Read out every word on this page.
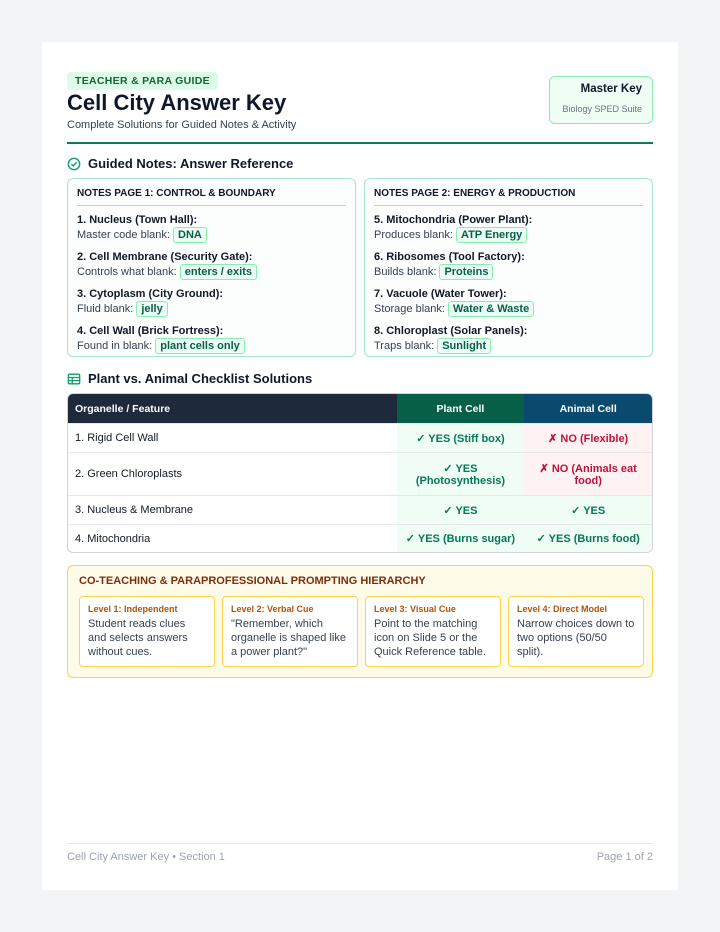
TEACHER & PARA GUIDE
Cell City Answer Key
Complete Solutions for Guided Notes & Activity
Master Key
Biology SPED Suite
Guided Notes: Answer Reference
NOTES PAGE 1: CONTROL & BOUNDARY
1. Nucleus (Town Hall):
Master code blank: DNA
2. Cell Membrane (Security Gate):
Controls what blank: enters / exits
3. Cytoplasm (City Ground):
Fluid blank: jelly
4. Cell Wall (Brick Fortress):
Found in blank: plant cells only
NOTES PAGE 2: ENERGY & PRODUCTION
5. Mitochondria (Power Plant):
Produces blank: ATP Energy
6. Ribosomes (Tool Factory):
Builds blank: Proteins
7. Vacuole (Water Tower):
Storage blank: Water & Waste
8. Chloroplast (Solar Panels):
Traps blank: Sunlight
Plant vs. Animal Checklist Solutions
Organelle / Feature	Plant Cell	Animal Cell
1. Rigid Cell Wall	✓ YES (Stiff box)	✗ NO (Flexible)
2. Green Chloroplasts	✓ YES (Photosynthesis)	✗ NO (Animals eat food)
3. Nucleus & Membrane	✓ YES	✓ YES
4. Mitochondria	✓ YES (Burns sugar)	✓ YES (Burns food)
CO-TEACHING & PARAPROFESSIONAL PROMPTING HIERARCHY
Level 1: Independent
Student reads clues and selects answers without cues.
Level 2: Verbal Cue
"Remember, which organelle is shaped like a power plant?"
Level 3: Visual Cue
Point to the matching icon on Slide 5 or the Quick Reference table.
Level 4: Direct Model
Narrow choices down to two options (50/50 split).
Cell City Answer Key • Section 1	Page 1 of 2
